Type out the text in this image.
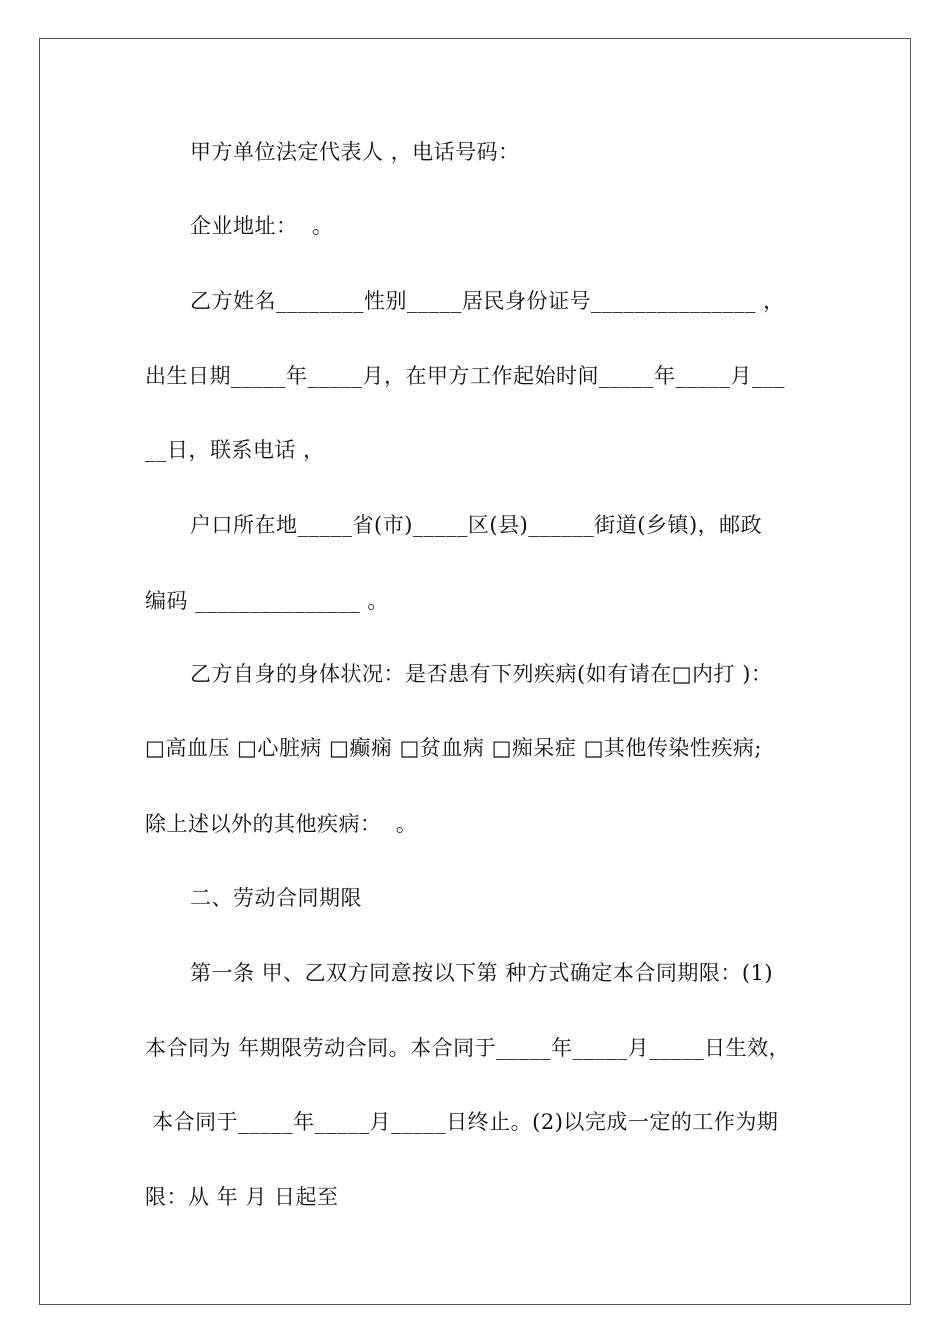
甲方单位法定代表人 ，电话号码：
企业地址：  。
乙方姓名________性别_____居民身份证号_______________ ，
出生日期_____年_____月，在甲方工作起始时间_____年_____月___
__日，联系电话 ，
户口所在地_____省(市)_____区(县)______街道(乡镇)，邮政
编码 _______________ 。
乙方自身的身体状况：是否患有下列疾病(如有请在□内打 )：
□高血压 □心脏病 □癫痫 □贫血病 □痴呆症 □其他传染性疾病;
除上述以外的其他疾病：  。
二、劳动合同期限
第一条 甲、乙双方同意按以下第 种方式确定本合同期限：(1)
本合同为 年期限劳动合同。本合同于_____年_____月_____日生效，
本合同于_____年_____月_____日终止。(2)以完成一定的工作为期
限：从 年 月 日起至
